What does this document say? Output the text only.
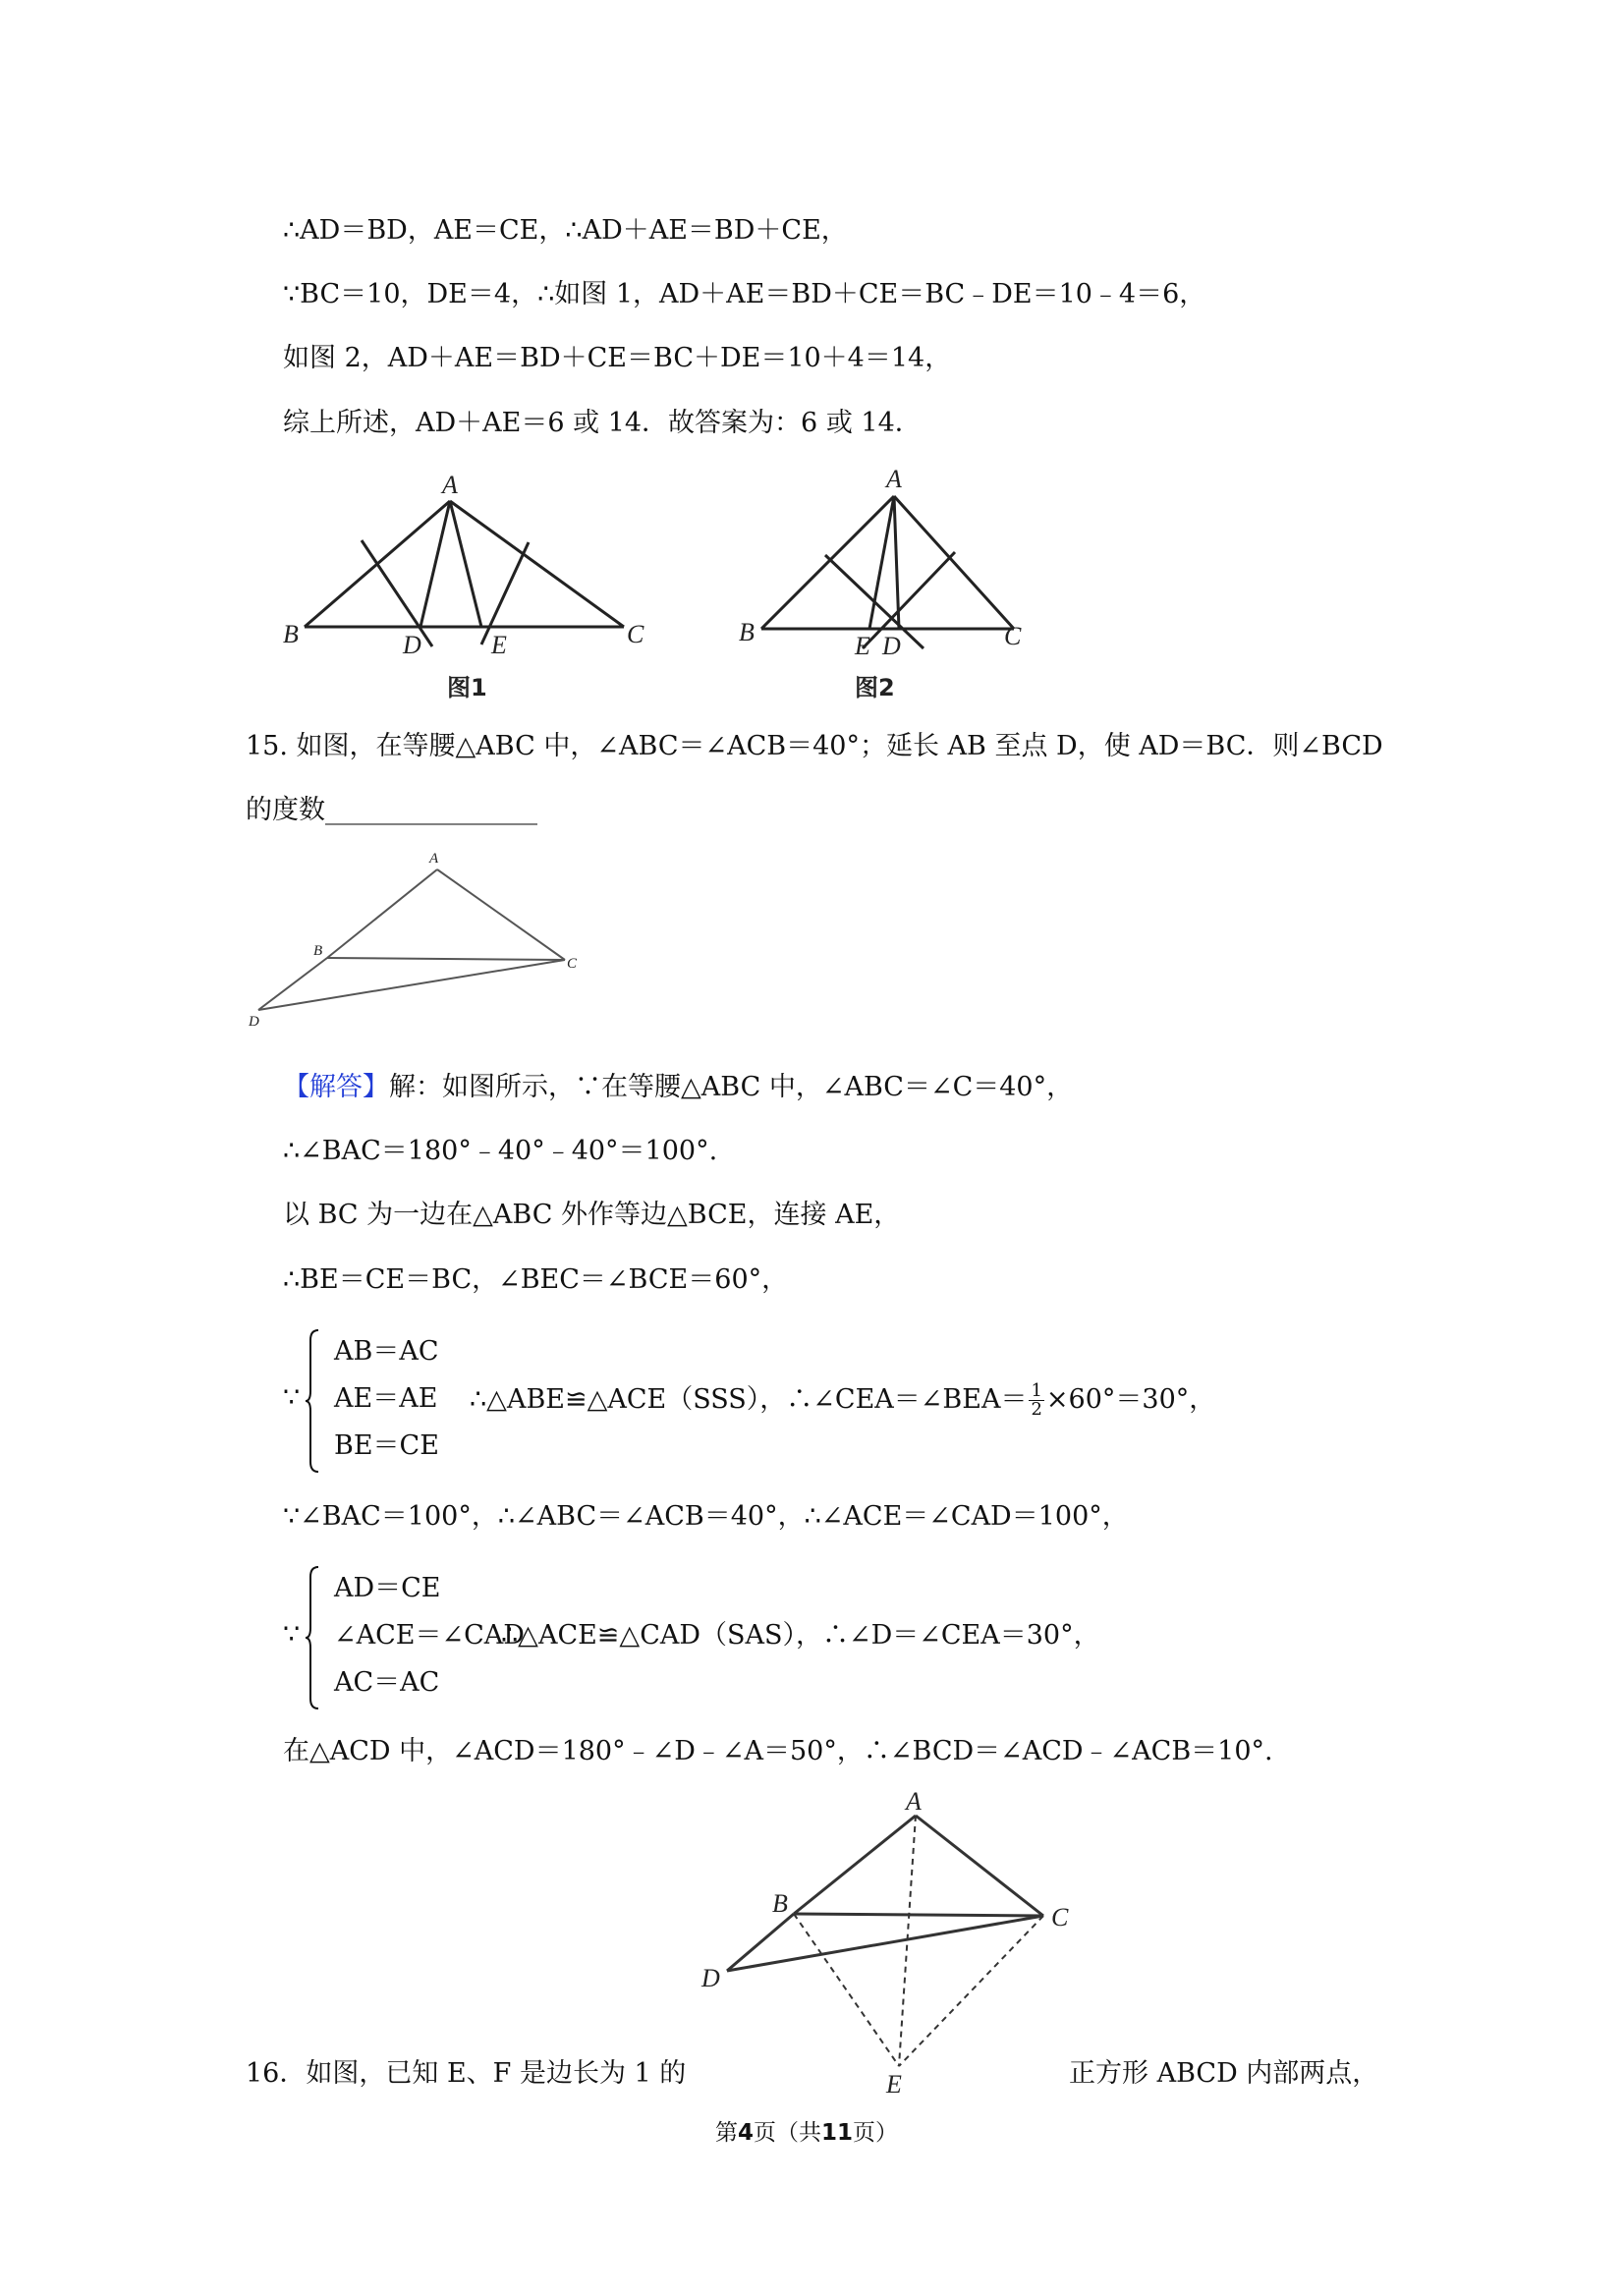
∴AD＝BD，AE＝CE，∴AD＋AE＝BD＋CE，
∵BC＝10，DE＝4，∴如图 1，AD＋AE＝BD＋CE＝BC﹣DE＝10﹣4＝6，
如图 2，AD＋AE＝BD＋CE＝BC＋DE＝10＋4＝14，
综上所述，AD＋AE＝6 或 14．故答案为：6 或 14．
A
B	C
D	E
图1
A
B	C
E D
图2
15. 如图，在等腰△ABC 中，∠ABC＝∠ACB＝40°；延长 AB 至点 D，使 AD＝BC．则∠BCD
的度数________________
A
B
C
D
【解答】解：如图所示，∵在等腰△ABC 中，∠ABC＝∠C＝40°，
∴∠BAC＝180°﹣40°﹣40°＝100°.
以 BC 为一边在△ABC 外作等边△BCE，连接 AE，
∴BE＝CE＝BC，∠BEC＝∠BCE＝60°，
∵
AB＝AC
AE＝AE
BE＝CE
∴△ABE≌△ACE（SSS），∴∠CEA＝∠BEA＝ $\frac{1}{2} \times 60^\circ=30^\circ$，
∵∠BAC＝100°，∴∠ABC＝∠ACB＝40°，∴∠ACE＝∠CAD＝100°，
∵
AD＝CE
∠ACE＝∠CAD
AC＝AC
∴△ACE≌△CAD（SAS），∴∠D＝∠CEA＝30°，
在△ACD 中，∠ACD＝180°﹣∠D﹣∠A＝50°，∴∠BCD＝∠ACD﹣∠ACB＝10°.
A
B	C
D
E
16．如图，已知 E、F 是边长为 1 的	正方形 ABCD 内部两点，
第4页（共11页）
